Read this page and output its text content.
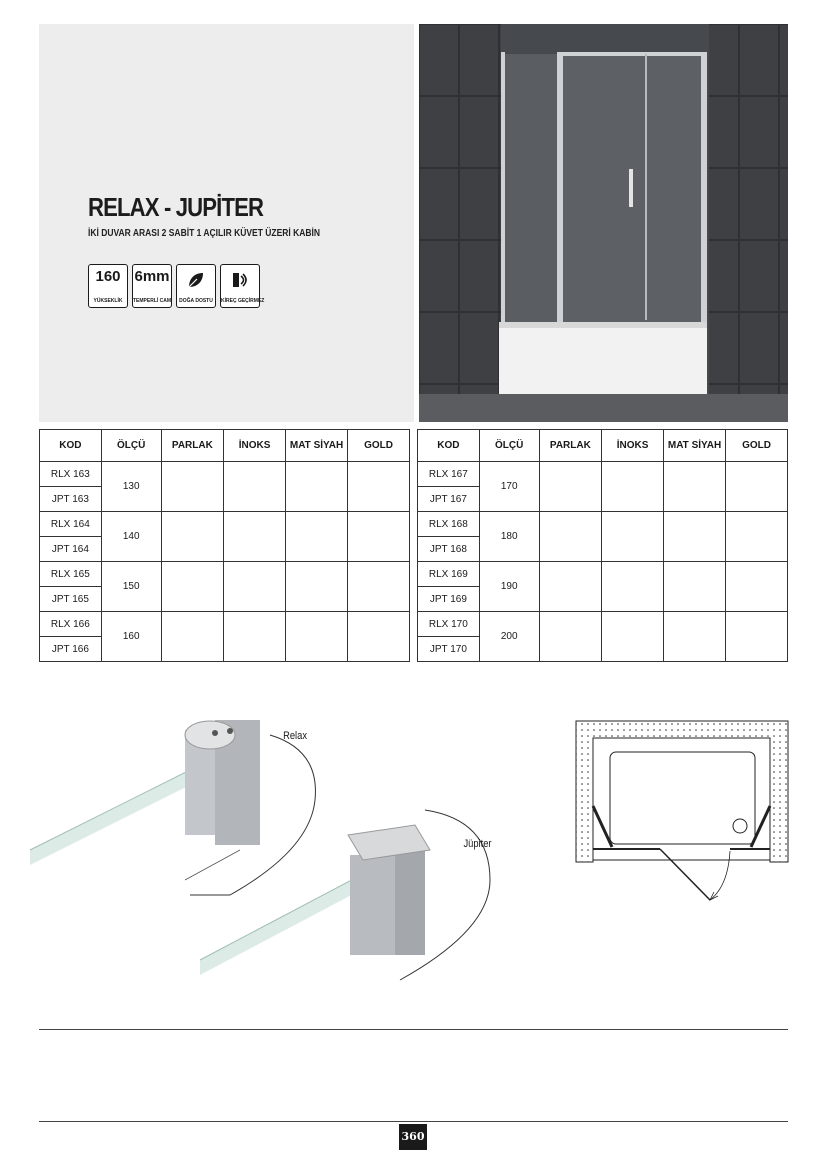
RELAX - JUPİTER
İKİ DUVAR ARASI 2 SABİT 1 AÇILIR KÜVET ÜZERİ KABİN
160
YÜKSEKLİK
6mm
TEMPERLİ CAM	DOĞA DOSTU	KİREÇ GEÇİRMEZ
KOD	ÖLÇÜ	PARLAK	İNOKS	MAT SİYAH	GOLD
RLX 163	130				
JPT 163					
RLX 164	140				
JPT 164					
RLX 165	150				
JPT 165					
RLX 166	160				
JPT 166					
KOD	ÖLÇÜ	PARLAK	İNOKS	MAT SİYAH	GOLD
RLX 167	170				
JPT 167					
RLX 168	180				
JPT 168					
RLX 169	190				
JPT 169					
RLX 170	200				
JPT 170					
Relax
Jüpiter
360
